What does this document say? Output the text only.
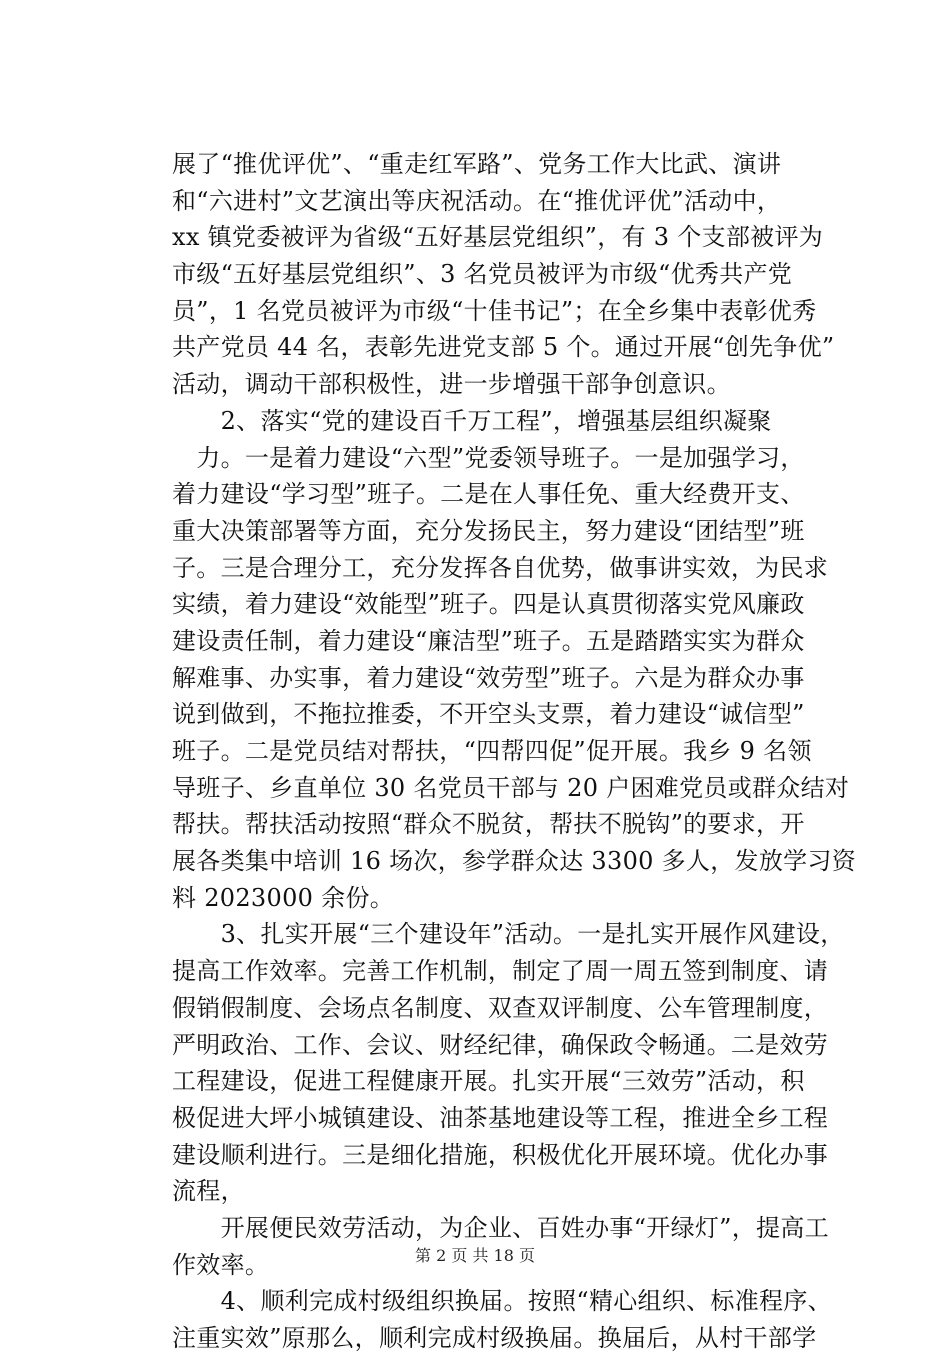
展了“推优评优”、“重走红军路”、党务工作大比武、演讲
和“六进村”文艺演出等庆祝活动。在“推优评优”活动中，
xx 镇党委被评为省级“五好基层党组织”，有 3 个支部被评为
市级“五好基层党组织”、3 名党员被评为市级“优秀共产党
员”，1 名党员被评为市级“十佳书记”；在全乡集中表彰优秀
共产党员 44 名，表彰先进党支部 5 个。通过开展“创先争优”
活动，调动干部积极性，进一步增强干部争创意识。
　　2、落实“党的建设百千万工程”，增强基层组织凝聚
　力。一是着力建设“六型”党委领导班子。一是加强学习，
着力建设“学习型”班子。二是在人事任免、重大经费开支、
重大决策部署等方面，充分发扬民主，努力建设“团结型”班
子。三是合理分工，充分发挥各自优势，做事讲实效，为民求
实绩，着力建设“效能型”班子。四是认真贯彻落实党风廉政
建设责任制，着力建设“廉洁型”班子。五是踏踏实实为群众
解难事、办实事，着力建设“效劳型”班子。六是为群众办事
说到做到，不拖拉推委，不开空头支票，着力建设“诚信型”
班子。二是党员结对帮扶，“四帮四促”促开展。我乡 9 名领
导班子、乡直单位 30 名党员干部与 20 户困难党员或群众结对
帮扶。帮扶活动按照“群众不脱贫，帮扶不脱钩”的要求，开
展各类集中培训 16 场次，参学群众达 3300 多人，发放学习资
料 2023000 余份。
　　3、扎实开展“三个建设年”活动。一是扎实开展作风建设，
提高工作效率。完善工作机制，制定了周一周五签到制度、请
假销假制度、会场点名制度、双查双评制度、公车管理制度，
严明政治、工作、会议、财经纪律，确保政令畅通。二是效劳
工程建设，促进工程健康开展。扎实开展“三效劳”活动，积
极促进大坪小城镇建设、油茶基地建设等工程，推进全乡工程
建设顺利进行。三是细化措施，积极优化开展环境。优化办事
流程，
　　开展便民效劳活动，为企业、百姓办事“开绿灯”，提高工
作效率。
　　4、顺利完成村级组织换届。按照“精心组织、标准程序、
注重实效”原那么，顺利完成村级换届。换届后，从村干部学
第 2 页 共 18 页
